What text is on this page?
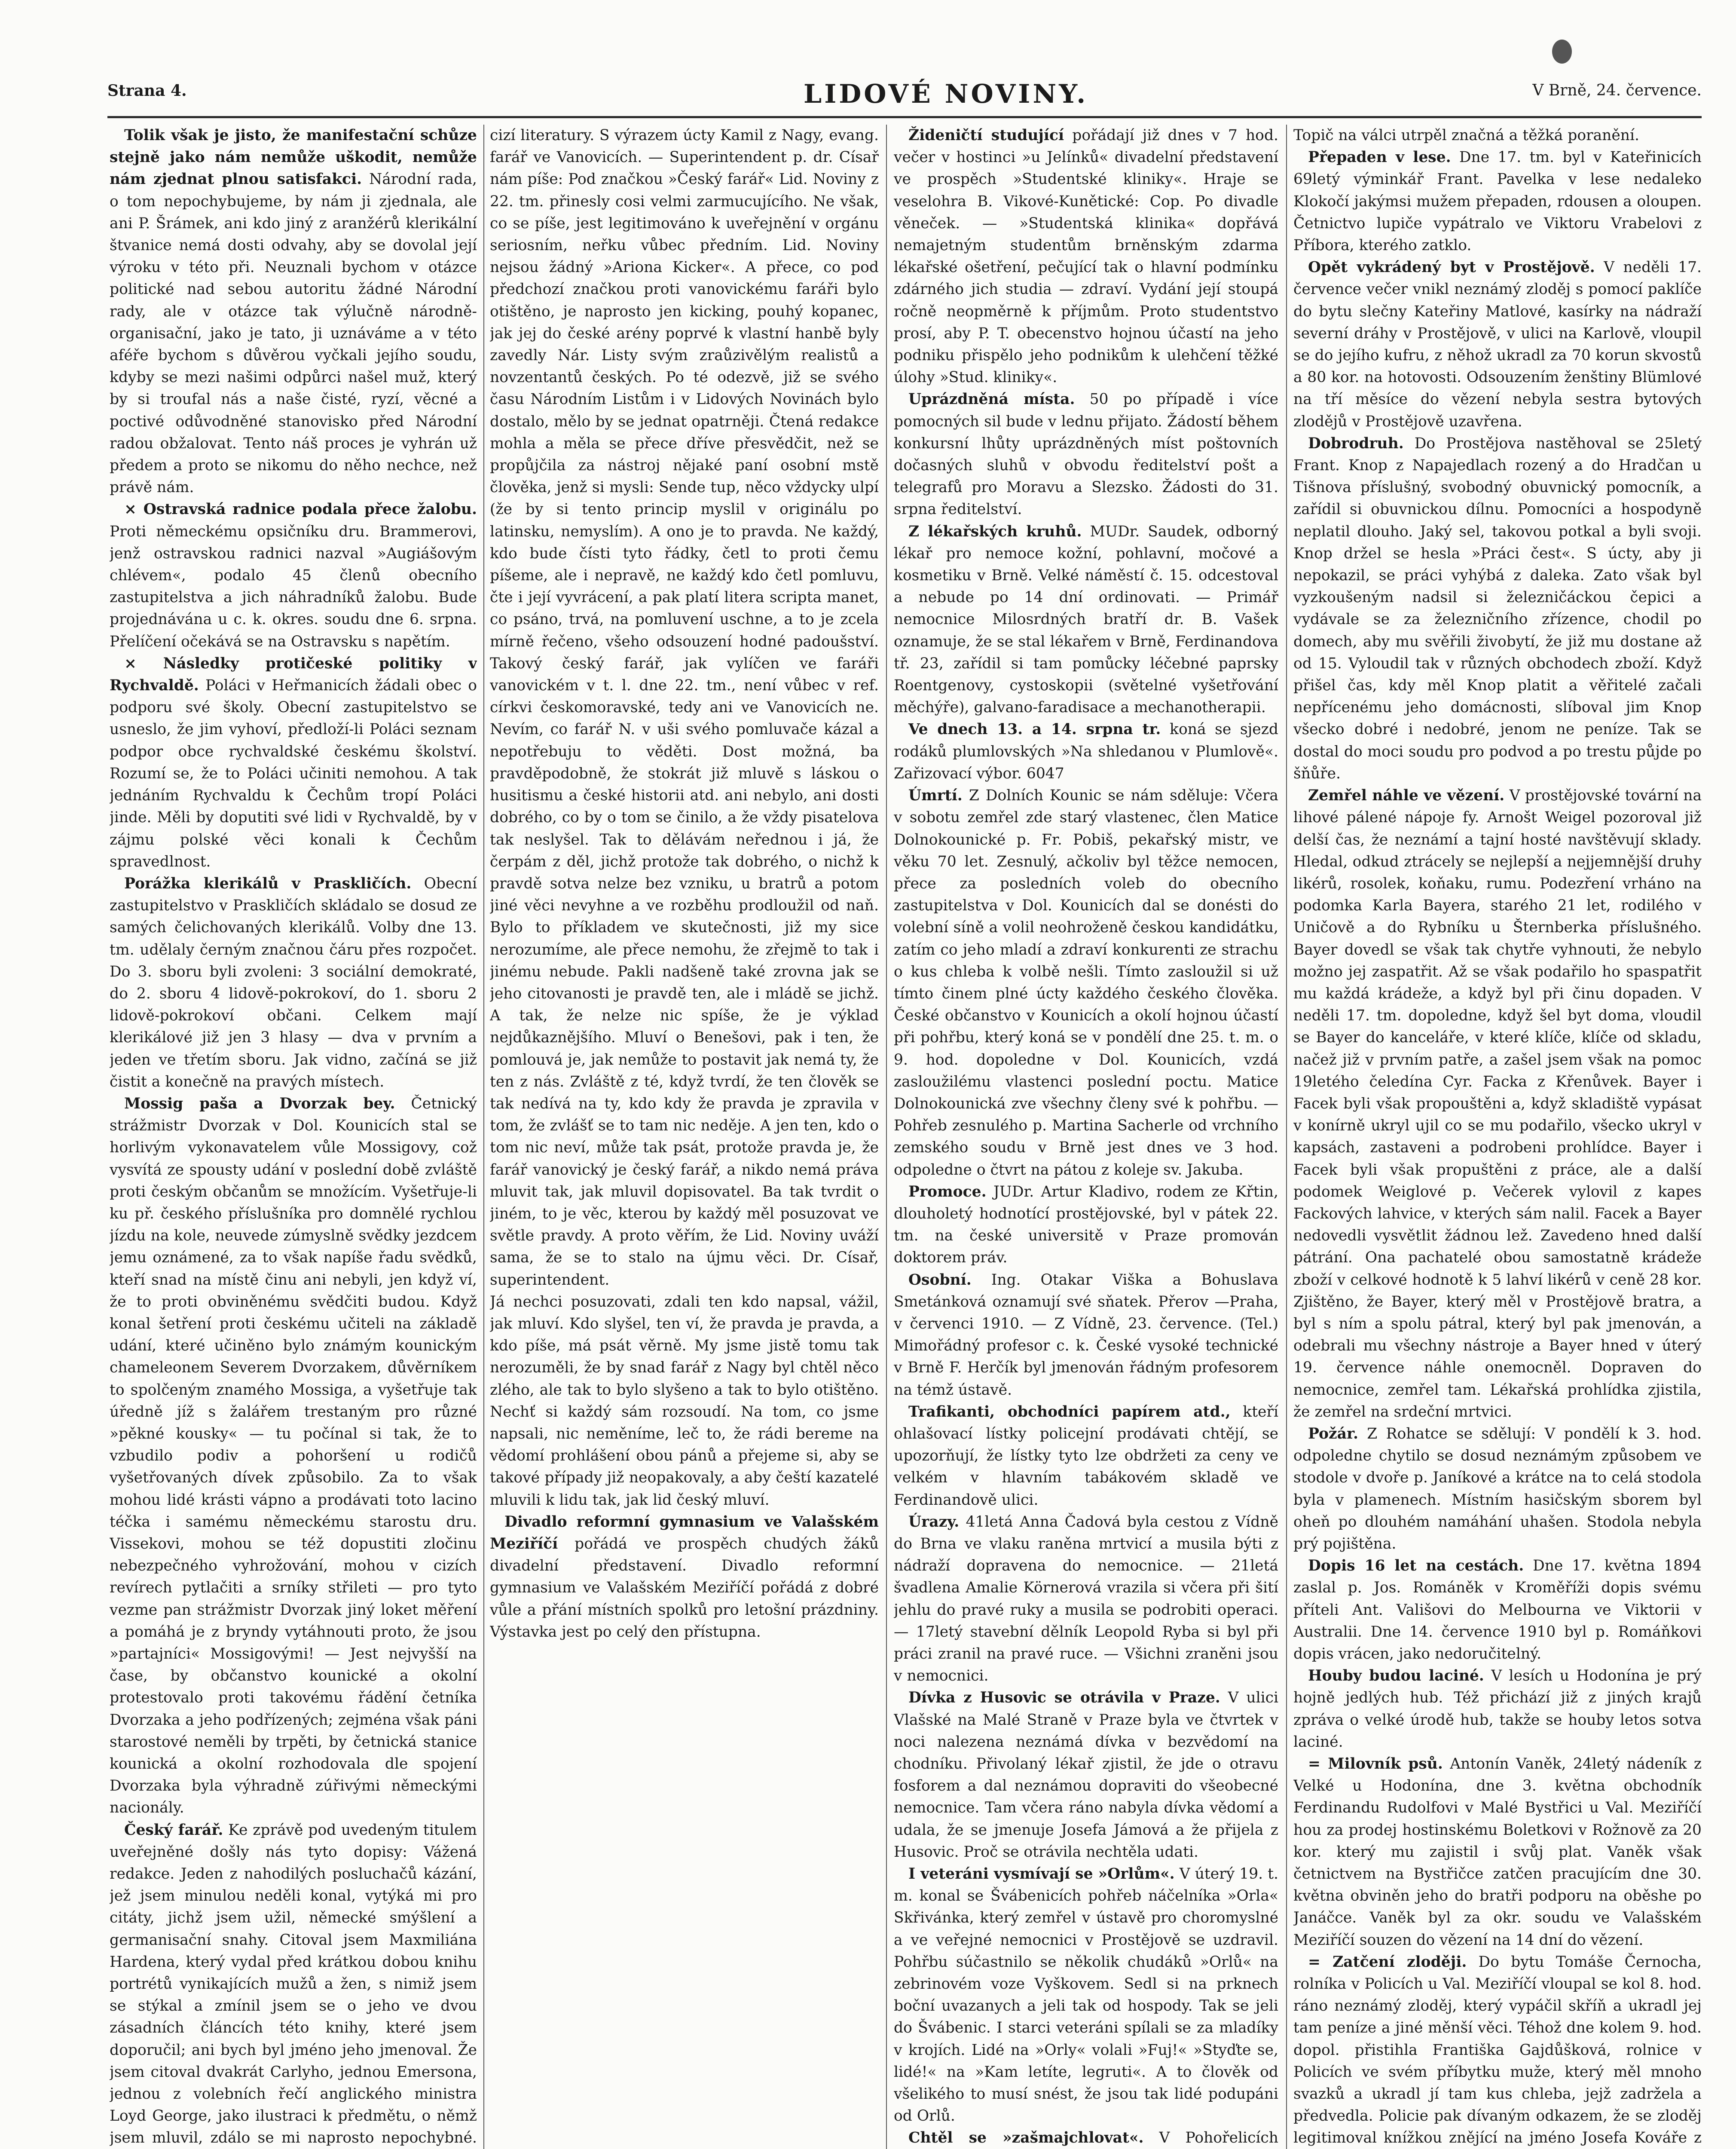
Strana 4.	LIDOVÉ NOVINY.	V Brně, 24. července.

Tolik však je jisto, že manifestační schůze stejně jako nám nemůže uškodit, nemůže nám zjednat plnou satisfakci. Národní rada, o tom nepochybujeme, by nám ji zjednala, ale ani P. Šrámek, ani kdo jiný z aranžérů klerikální štvanice nemá dosti odvahy, aby se dovolal její výroku v této při. Neuznali bychom v otázce politické nad sebou autoritu žádné Národní rady, ale v otázce tak výlučně národně-organisační, jako je tato, ji uznáváme a v této aféře bychom s důvěrou vyčkali jejího soudu, kdyby se mezi našimi odpůrci našel muž, který by si troufal nás a naše čisté, ryzí, věcné a poctivé odůvodněné stanovisko před Národní radou obžalovat. Tento náš proces je vyhrán už předem a proto se nikomu do něho nechce, než právě nám.

× Ostravská radnice podala přece žalobu. Proti německému opsičníku dru. Brammerovi, jenž ostravskou radnici nazval »Augiášovým chlévem«, podalo 45 členů obecního zastupitelstva a jich náhradníků žalobu. Bude projednávána u c. k. okres. soudu dne 6. srpna. Přelíčení očekává se na Ostravsku s napětím.

× Následky protičeské politiky v Rychvaldě. Poláci v Heřmanicích žádali obec o podporu své školy. Obecní zastupitelstvo se usneslo, že jim vyhoví, předloží-li Poláci seznam podpor obce rychvaldské českému školství. Rozumí se, že to Poláci učiniti nemohou. A tak jednáním Rychvaldu k Čechům tropí Poláci jinde. Měli by doputiti své lidi v Rychvaldě, by v zájmu polské věci konali k Čechům spravedlnost.

Porážka klerikálů v Praskličích. Obecní zastupitelstvo v Praskličích skládalo se dosud ze samých čelichovaných klerikálů. Volby dne 13. tm. udělaly černým značnou čáru přes rozpočet. Do 3. sboru byli zvoleni: 3 sociální demokraté, do 2. sboru 4 lidově-pokrokoví, do 1. sboru 2 lidově-pokrokoví občani. Celkem mají klerikálové již jen 3 hlasy — dva v prvním a jeden ve třetím sboru. Jak vidno, začíná se již čistit a konečně na pravých místech.

Mossig paša a Dvorzak bey. Četnický strážmistr Dvorzak v Dol. Kounicích stal se horlivým vykonavatelem vůle Mossigovy, což vysvítá ze spousty udání v poslední době zvláště proti českým občanům se množícím. Vyšetřuje-li ku př. českého příslušníka pro domnělé rychlou jízdu na kole, neuvede zúmyslně svědky jezdcem jemu oznámené, za to však napíše řadu svědků, kteří snad na místě činu ani nebyli, jen když ví, že to proti obviněnému svědčiti budou. Když konal šetření proti českému učiteli na základě udání, které učiněno bylo známým kounickým chameleonem Severem Dvorzakem, důvěrníkem to spolčeným znamého Mossiga, a vyšetřuje tak úředně jíž s žalářem trestaným pro různé »pěkné kousky« — tu počínal si tak, že to vzbudilo podiv a pohoršení u rodičů vyšetřovaných dívek způsobilo. Za to však mohou lidé krásti vápno a prodávati toto lacino téčka i samému německému starostu dru. Vissekovi, mohou se též dopustiti zločinu nebezpečného vyhrožování, mohou v cizích revírech pytlačiti a srníky střileti — pro tyto vezme pan strážmistr Dvorzak jiný loket měření a pomáhá je z bryndy vytáhnouti proto, že jsou »partajníci« Mossigovými! — Jest nejvyšší na čase, by občanstvo kounické a okolní protestovalo proti takovému řádění četníka Dvorzaka a jeho podřízených; zejména však páni starostové neměli by trpěti, by četnická stanice kounická a okolní rozhodovala dle spojení Dvorzaka byla výhradně zúřivými německými nacionály.

Český farář. Ke zprávě pod uvedeným titulem uveřejněné došly nás tyto dopisy: Vážená redakce. Jeden z nahodilých posluchačů kázání, jež jsem minulou neděli konal, vytýká mi pro citáty, jichž jsem užil, německé smýšlení a germanisační snahy. Citoval jsem Maxmiliána Hardena, který vydal před krátkou dobou knihu portrétů vynikajících mužů a žen, s nimiž jsem se stýkal a zmínil jsem se o jeho ve dvou zásadních článcích této knihy, které jsem doporučil; ani bych byl jméno jeho jmenoval. Že jsem citoval dvakrát Carlyho, jednou Emersona, jednou z volebních řečí anglického ministra Loyd George, jako ilustraci k předmětu, o němž jsem mluvil, zdálo se mi naprosto nepochybné.

cizí literatury. S výrazem úcty Kamil z Nagy, evang. farář ve Vanovicích. — Superintendent p. dr. Císař nám píše: Pod značkou »Český farář« Lid. Noviny z 22. tm. přinesly cosi velmi zarmucujícího. Ne však, co se píše, jest legitimováno k uveřejnění v orgánu seriosním, neřku vůbec předním. Lid. Noviny nejsou žádný »Ariona Kicker«. A přece, co pod předchozí značkou proti vanovickému faráři bylo otištěno, je naprosto jen kicking, pouhý kopanec, jak jej do české arény poprvé k vlastní hanbě byly zavedly Nár. Listy svým zraůzivělým realistů a novzentantů českých. Po té odezvě, již se svého času Národním Listům i v Lidových Novinách bylo dostalo, mělo by se jednat opatrněji. Čtená redakce mohla a měla se přece dříve přesvědčit, než se propůjčila za nástroj nějaké paní osobní mstě člověka, jenž si mysli: Sende tup, něco vždycky ulpí (že by si tento princip myslil v originálu po latinsku, nemyslím). A ono je to pravda. Ne každý, kdo bude čísti tyto řádky, četl to proti čemu píšeme, ale i nepravě, ne každý kdo četl pomluvu, čte i její vyvrácení, a pak platí litera scripta manet, co psáno, trvá, na pomluvení uschne, a to je zcela mírně řečeno, všeho odsouzení hodné padoušství. Takový český farář, jak vylíčen ve faráři vanovickém v t. l. dne 22. tm., není vůbec v ref. církvi českomoravské, tedy ani ve Vanovicích ne. Nevím, co farář N. v uši svého pomluvače kázal a nepotřebuju to věděti. Dost možná, ba pravděpodobně, že stokrát již mluvě s láskou o husitismu a české historii atd. ani nebylo, ani dosti dobrého, co by o tom se činilo, a že vždy pisatelova tak neslyšel. Tak to dělávám neřednou i já, že čerpám z děl, jichž protože tak dobrého, o nichž k pravdě sotva nelze bez vzniku, u bratrů a potom jiné věci nevyhne a ve rozběhu prodloužil od naň. Bylo to příkladem ve skutečnosti, již my sice nerozumíme, ale přece nemohu, že zřejmě to tak i jinému nebude. Pakli nadšeně také zrovna jak se jeho citovanosti je pravdě ten, ale i mládě se jichž. A tak, že nelze nic spíše, že je výklad nejdůkaznějšího. Mluví o Benešovi, pak i ten, že pomlouvá je, jak nemůže to postavit jak nemá ty, že ten z nás. Zvláště z té, když tvrdí, že ten člověk se tak nedívá na ty, kdo kdy že pravda je zpravila v tom, že zvlášť se to tam nic neděje. A jen ten, kdo o tom nic neví, může tak psát, protože pravda je, že farář vanovický je český farář, a nikdo nemá práva mluvit tak, jak mluvil dopisovatel. Ba tak tvrdit o jiném, to je věc, kterou by každý měl posuzovat ve světle pravdy. A proto věřím, že Lid. Noviny uváží sama, že se to stalo na újmu věci. Dr. Císař, superintendent.

Já nechci posuzovati, zdali ten kdo napsal, vážil, jak mluví. Kdo slyšel, ten ví, že pravda je pravda, a kdo píše, má psát věrně. My jsme jistě tomu tak nerozuměli, že by snad farář z Nagy byl chtěl něco zlého, ale tak to bylo slyšeno a tak to bylo otištěno. Nechť si každý sám rozsoudí. Na tom, co jsme napsali, nic neměníme, leč to, že rádi bereme na vědomí prohlášení obou pánů a přejeme si, aby se takové případy již neopakovaly, a aby čeští kazatelé mluvili k lidu tak, jak lid český mluví.

Divadlo reformní gymnasium ve Valašském Meziříčí pořádá ve prospěch chudých žáků divadelní představení. Divadlo reformní gymnasium ve Valašském Meziříčí pořádá z dobré vůle a přání místních spolků pro letošní prázdniny. Výstavka jest po celý den přístupna.

Žideničtí studující pořádají již dnes v 7 hod. večer v hostinci »u Jelínků« divadelní představení ve prospěch »Studentské kliniky«. Hraje se veselohra B. Vikové-Kunětické: Cop. Po divadle věneček. — »Studentská klinika« dopřává nemajetným studentům brněnským zdarma lékařské ošetření, pečující tak o hlavní podmínku zdárného jich studia — zdraví. Vydání její stoupá ročně neopměrně k příjmům. Proto studentstvo prosí, aby P. T. obecenstvo hojnou účastí na jeho podniku přispělo jeho podnikům k ulehčení těžké úlohy »Stud. kliniky«.

Uprázdněná místa. 50 po případě i více pomocných sil bude v lednu přijato. Žádostí během konkursní lhůty uprázdněných míst poštovních dočasných sluhů v obvodu ředitelství pošt a telegrafů pro Moravu a Slezsko. Žádosti do 31. srpna ředitelství.

Z lékařských kruhů. MUDr. Saudek, odborný lékař pro nemoce kožní, pohlavní, močové a kosmetiku v Brně. Velké náměstí č. 15. odcestoval a nebude po 14 dní ordinovati. — Primář nemocnice Milosrdných bratří dr. B. Vašek oznamuje, že se stal lékařem v Brně, Ferdinandova tř. 23, zařídil si tam pomůcky léčebné paprsky Roentgenovy, cystoskopii (světelné vyšetřování měchýře), galvano-faradisace a mechanotherapii.

Ve dnech 13. a 14. srpna tr. koná se sjezd rodáků plumlovských »Na shledanou v Plumlově«. Zařizovací výbor. 6047

Úmrtí. Z Dolních Kounic se nám sděluje: Včera v sobotu zemřel zde starý vlastenec, člen Matice Dolnokounické p. Fr. Pobiš, pekařský mistr, ve věku 70 let. Zesnulý, ačkoliv byl těžce nemocen, přece za posledních voleb do obecního zastupitelstva v Dol. Kounicích dal se donésti do volební síně a volil neohroženě českou kandidátku, zatím co jeho mladí a zdraví konkurenti ze strachu o kus chleba k volbě nešli. Tímto zasloužil si už tímto činem plné úcty každého českého člověka. České občanstvo v Kounicích a okolí hojnou účastí při pohřbu, který koná se v pondělí dne 25. t. m. o 9. hod. dopoledne v Dol. Kounicích, vzdá zasloužilému vlastenci poslední poctu. Matice Dolnokounická zve všechny členy své k pohřbu. — Pohřeb zesnulého p. Martina Sacherle od vrchního zemského soudu v Brně jest dnes ve 3 hod. odpoledne o čtvrt na pátou z koleje sv. Jakuba.

Promoce. JUDr. Artur Kladivo, rodem ze Křtin, dlouholetý hodnotící prostějovské, byl v pátek 22. tm. na české universitě v Praze promován doktorem práv.

Osobní. Ing. Otakar Viška a Bohuslava Smetánková oznamují své sňatek. Přerov —Praha, v červenci 1910. — Z Vídně, 23. července. (Tel.) Mimořádný profesor c. k. České vysoké technické v Brně F. Herčík byl jmenován řádným profesorem na témž ústavě.

Trafikanti, obchodníci papírem atd., kteří ohlašovací lístky policejní prodávati chtějí, se upozorňují, že lístky tyto lze obdržeti za ceny ve velkém v hlavním tabákovém skladě ve Ferdinandově ulici.

Úrazy. 41letá Anna Čadová byla cestou z Vídně do Brna ve vlaku raněna mrtvicí a musila býti z nádraží dopravena do nemocnice. — 21letá švadlena Amalie Körnerová vrazila si včera při šití jehlu do pravé ruky a musila se podrobiti operaci. — 17letý stavební dělník Leopold Ryba si byl při práci zranil na pravé ruce. — Všichni zraněni jsou v nemocnici.

Dívka z Husovic se otrávila v Praze. V ulici Vlašské na Malé Straně v Praze byla ve čtvrtek v noci nalezena neznámá dívka v bezvědomí na chodníku. Přivolaný lékař zjistil, že jde o otravu fosforem a dal neznámou dopraviti do všeobecné nemocnice. Tam včera ráno nabyla dívka vědomí a udala, že se jmenuje Josefa Jámová a že přijela z Husovic. Proč se otrávila nechtěla udati.

I veteráni vysmívají se »Orlům«. V úterý 19. t. m. konal se Švábenicích pohřeb náčelníka »Orla« Skřivánka, který zemřel v ústavě pro choromyslné a ve veřejné nemocnici v Prostějově se uzdravil. Pohřbu súčastnilo se několik chudáků »Orlů« na zebrinovém voze Vyškovem. Sedl si na prknech boční uvazanych a jeli tak od hospody. Tak se jeli do Švábenic. I starci veteráni spílali se za mladíky v krojích. Lidé na »Orly« volali »Fuj!« »Styďte se, lidé!« na »Kam letíte, legruti«. A to člověk od všelikého to musí snést, že jsou tak lidé podupáni od Orlů.

Chtěl se »zašmajchlovat«. V Pohořelicích

Topič na válci utrpěl značná a těžká poranění.

Přepaden v lese. Dne 17. tm. byl v Kateřinicích 69letý výminkář Frant. Pavelka v lese nedaleko Klokočí jakýmsi mužem přepaden, rdousen a oloupen. Četnictvo lupiče vypátralo ve Viktoru Vrabelovi z Příbora, kterého zatklo.

Opět vykrádený byt v Prostějově. V neděli 17. července večer vnikl neznámý zloděj s pomocí paklíče do bytu slečny Kateřiny Matlové, kasírky na nádraží severní dráhy v Prostějově, v ulici na Karlově, vloupil se do jejího kufru, z něhož ukradl za 70 korun skvostů a 80 kor. na hotovosti. Odsouzením ženštiny Blümlové na tří měsíce do vězení nebyla sestra bytových zlodějů v Prostějově uzavřena.

Dobrodruh. Do Prostějova nastěhoval se 25letý Frant. Knop z Napajedlach rozený a do Hradčan u Tišnova příslušný, svobodný obuvnický pomocník, a zařídil si obuvnickou dílnu. Pomocníci a hospodyně neplatil dlouho. Jaký sel, takovou potkal a byli svoji. Knop držel se hesla »Práci čest«. S úcty, aby ji nepokazil, se práci vyhýbá z daleka. Zato však byl vyzkoušeným nadsil si železničáckou čepici a vydávale se za železničního zřízence, chodil po domech, aby mu svěřili živobytí, že již mu dostane až od 15. Vyloudil tak v různých obchodech zboží. Když přišel čas, kdy měl Knop platit a věřitelé začali nepřícenému jeho domácnosti, slíboval jim Knop všecko dobré i nedobré, jenom ne peníze. Tak se dostal do moci soudu pro podvod a po trestu půjde po šňůře.

Zemřel náhle ve vězení. V prostějovské tovární na lihové pálené nápoje fy. Arnošt Weigel pozoroval již delší čas, že neznámí a tajní hosté navštěvují sklady. Hledal, odkud ztrácely se nejlepší a nejjemnější druhy likérů, rosolek, koňaku, rumu. Podezření vrháno na podomka Karla Bayera, starého 21 let, rodilého v Uničově a do Rybníku u Šternberka příslušného. Bayer dovedl se však tak chytře vyhnouti, že nebylo možno jej zaspatřit. Až se však podařilo ho spaspatřit mu každá krádeže, a když byl při činu dopaden. V neděli 17. tm. dopoledne, když šel byt doma, vloudil se Bayer do kanceláře, v které klíče, klíče od skladu, načež již v prvním patře, a zašel jsem však na pomoc 19letého čeledína Cyr. Facka z Křenůvek. Bayer i Facek byli však propouštěni a, když skladiště vypásat v konírně ukryl ujil co se mu podařilo, všecko ukryl v kapsách, zastaveni a podrobeni prohlídce. Bayer i Facek byli však propuštěni z práce, ale a další podomek Weiglové p. Večerek vylovil z kapes Fackových lahvice, v kterých sám nalil. Facek a Bayer nedovedli vysvětlit žádnou lež. Zavedeno hned další pátrání. Ona pachatelé obou samostatně krádeže zboží v celkové hodnotě k 5 lahví likérů v ceně 28 kor. Zjištěno, že Bayer, který měl v Prostějově bratra, a byl s ním a spolu pátral, který byl pak jmenován, a odebrali mu všechny nástroje a Bayer hned v úterý 19. července náhle onemocněl. Dopraven do nemocnice, zemřel tam. Lékařská prohlídka zjistila, že zemřel na srdeční mrtvici.

Požár. Z Rohatce se sdělují: V pondělí k 3. hod. odpoledne chytilo se dosud neznámým způsobem ve stodole v dvoře p. Janíkové a krátce na to celá stodola byla v plamenech. Místním hasičským sborem byl oheň po dlouhém namáhání uhašen. Stodola nebyla prý pojištěna.

Dopis 16 let na cestách. Dne 17. května 1894 zaslal p. Jos. Románěk v Kroměříži dopis svému příteli Ant. Vališovi do Melbourna ve Viktorii v Australii. Dne 14. července 1910 byl p. Romáňkovi dopis vrácen, jako nedoručitelný.

Houby budou laciné. V lesích u Hodonína je prý hojně jedlých hub. Též přichází již z jiných krajů zpráva o velké úrodě hub, takže se houby letos sotva laciné.

= Milovník psů. Antonín Vaněk, 24letý nádeník z Velké u Hodonína, dne 3. května obchodník Ferdinandu Rudolfovi v Malé Bystřici u Val. Meziříčí hou za prodej hostinskému Boletkovi v Rožnově za 20 kor. který mu zajistil i svůj plat. Vaněk však četnictvem na Bystřičce zatčen pracujícím dne 30. května obviněn jeho do bratři podporu na oběshe po Janáčce. Vaněk byl za okr. soudu ve Valašském Meziříčí souzen do vězení na 14 dní do vězení.

= Zatčení zloději. Do bytu Tomáše Černocha, rolníka v Policích u Val. Meziříčí vloupal se kol 8. hod. ráno neznámý zloděj, který vypáčil skříň a ukradl jej tam peníze a jiné měnší věci. Téhož dne kolem 9. hod. dopol. přistihla Františka Gajdůšková, rolnice v Policích ve svém příbytku muže, který měl mnoho svazků a ukradl jí tam kus chleba, jejž zadržela a předvedla. Policie pak dívaným odkazem, že se zloděj legitimoval knížkou znějící na jméno Josefa Kováře z
